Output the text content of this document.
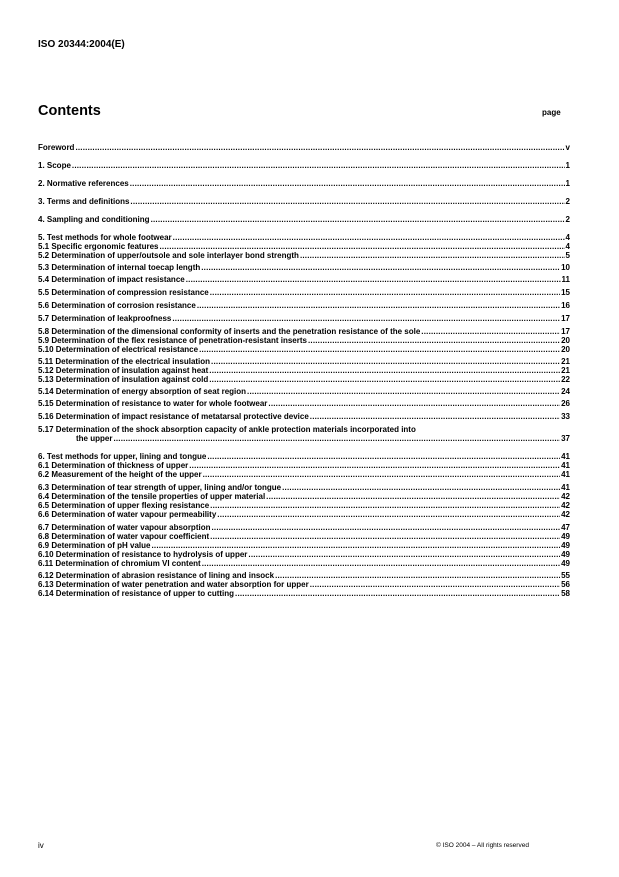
ISO 20344:2004(E)
Contents	page
Foreword .....	v
1. Scope .....	1
2. Normative references .....	1
3. Terms and definitions .....	2
4. Sampling and conditioning .....	2
5. Test methods for whole footwear .....	4
5.1 Specific ergonomic features .....	4
5.2 Determination of upper/outsole and sole interlayer bond strength .....	5
5.3 Determination of internal toecap length .....	10
5.4 Determination of impact resistance .....	11
5.5 Determination of compression resistance .....	15
5.6 Determination of corrosion resistance .....	16
5.7 Determination of leakproofness .....	17
5.8 Determination of the dimensional conformity of inserts and the penetration resistance of the sole .....	17
5.9 Determination of the flex resistance of penetration-resistant inserts .....	20
5.10 Determination of electrical resistance .....	20
5.11 Determination of the electrical insulation .....	21
5.12 Determination of insulation against heat .....	21
5.13 Determination of insulation against cold .....	22
5.14 Determination of energy absorption of seat region .....	24
5.15 Determination of resistance to water for whole footwear .....	26
5.16 Determination of impact resistance of metatarsal protective device .....	33
5.17 Determination of the shock absorption capacity of ankle protection materials incorporated into
the upper .....	37
6. Test methods for upper, lining and tongue .....	41
6.1 Determination of thickness of upper .....	41
6.2 Measurement of the height of the upper .....	41
6.3 Determination of tear strength of upper, lining and/or tongue .....	41
6.4 Determination of the tensile properties of upper material .....	42
6.5 Determination of upper flexing resistance .....	42
6.6 Determination of water vapour permeability .....	42
6.7 Determination of water vapour absorption .....	47
6.8 Determination of water vapour coefficient .....	49
6.9 Determination of pH value .....	49
6.10 Determination of resistance to hydrolysis of upper .....	49
6.11 Determination of chromium VI content .....	49
6.12 Determination of abrasion resistance of lining and insock .....	55
6.13 Determination of water penetration and water absorption for upper .....	56
6.14 Determination of resistance of upper to cutting .....	58
iv	© ISO 2004 – All rights reserved
